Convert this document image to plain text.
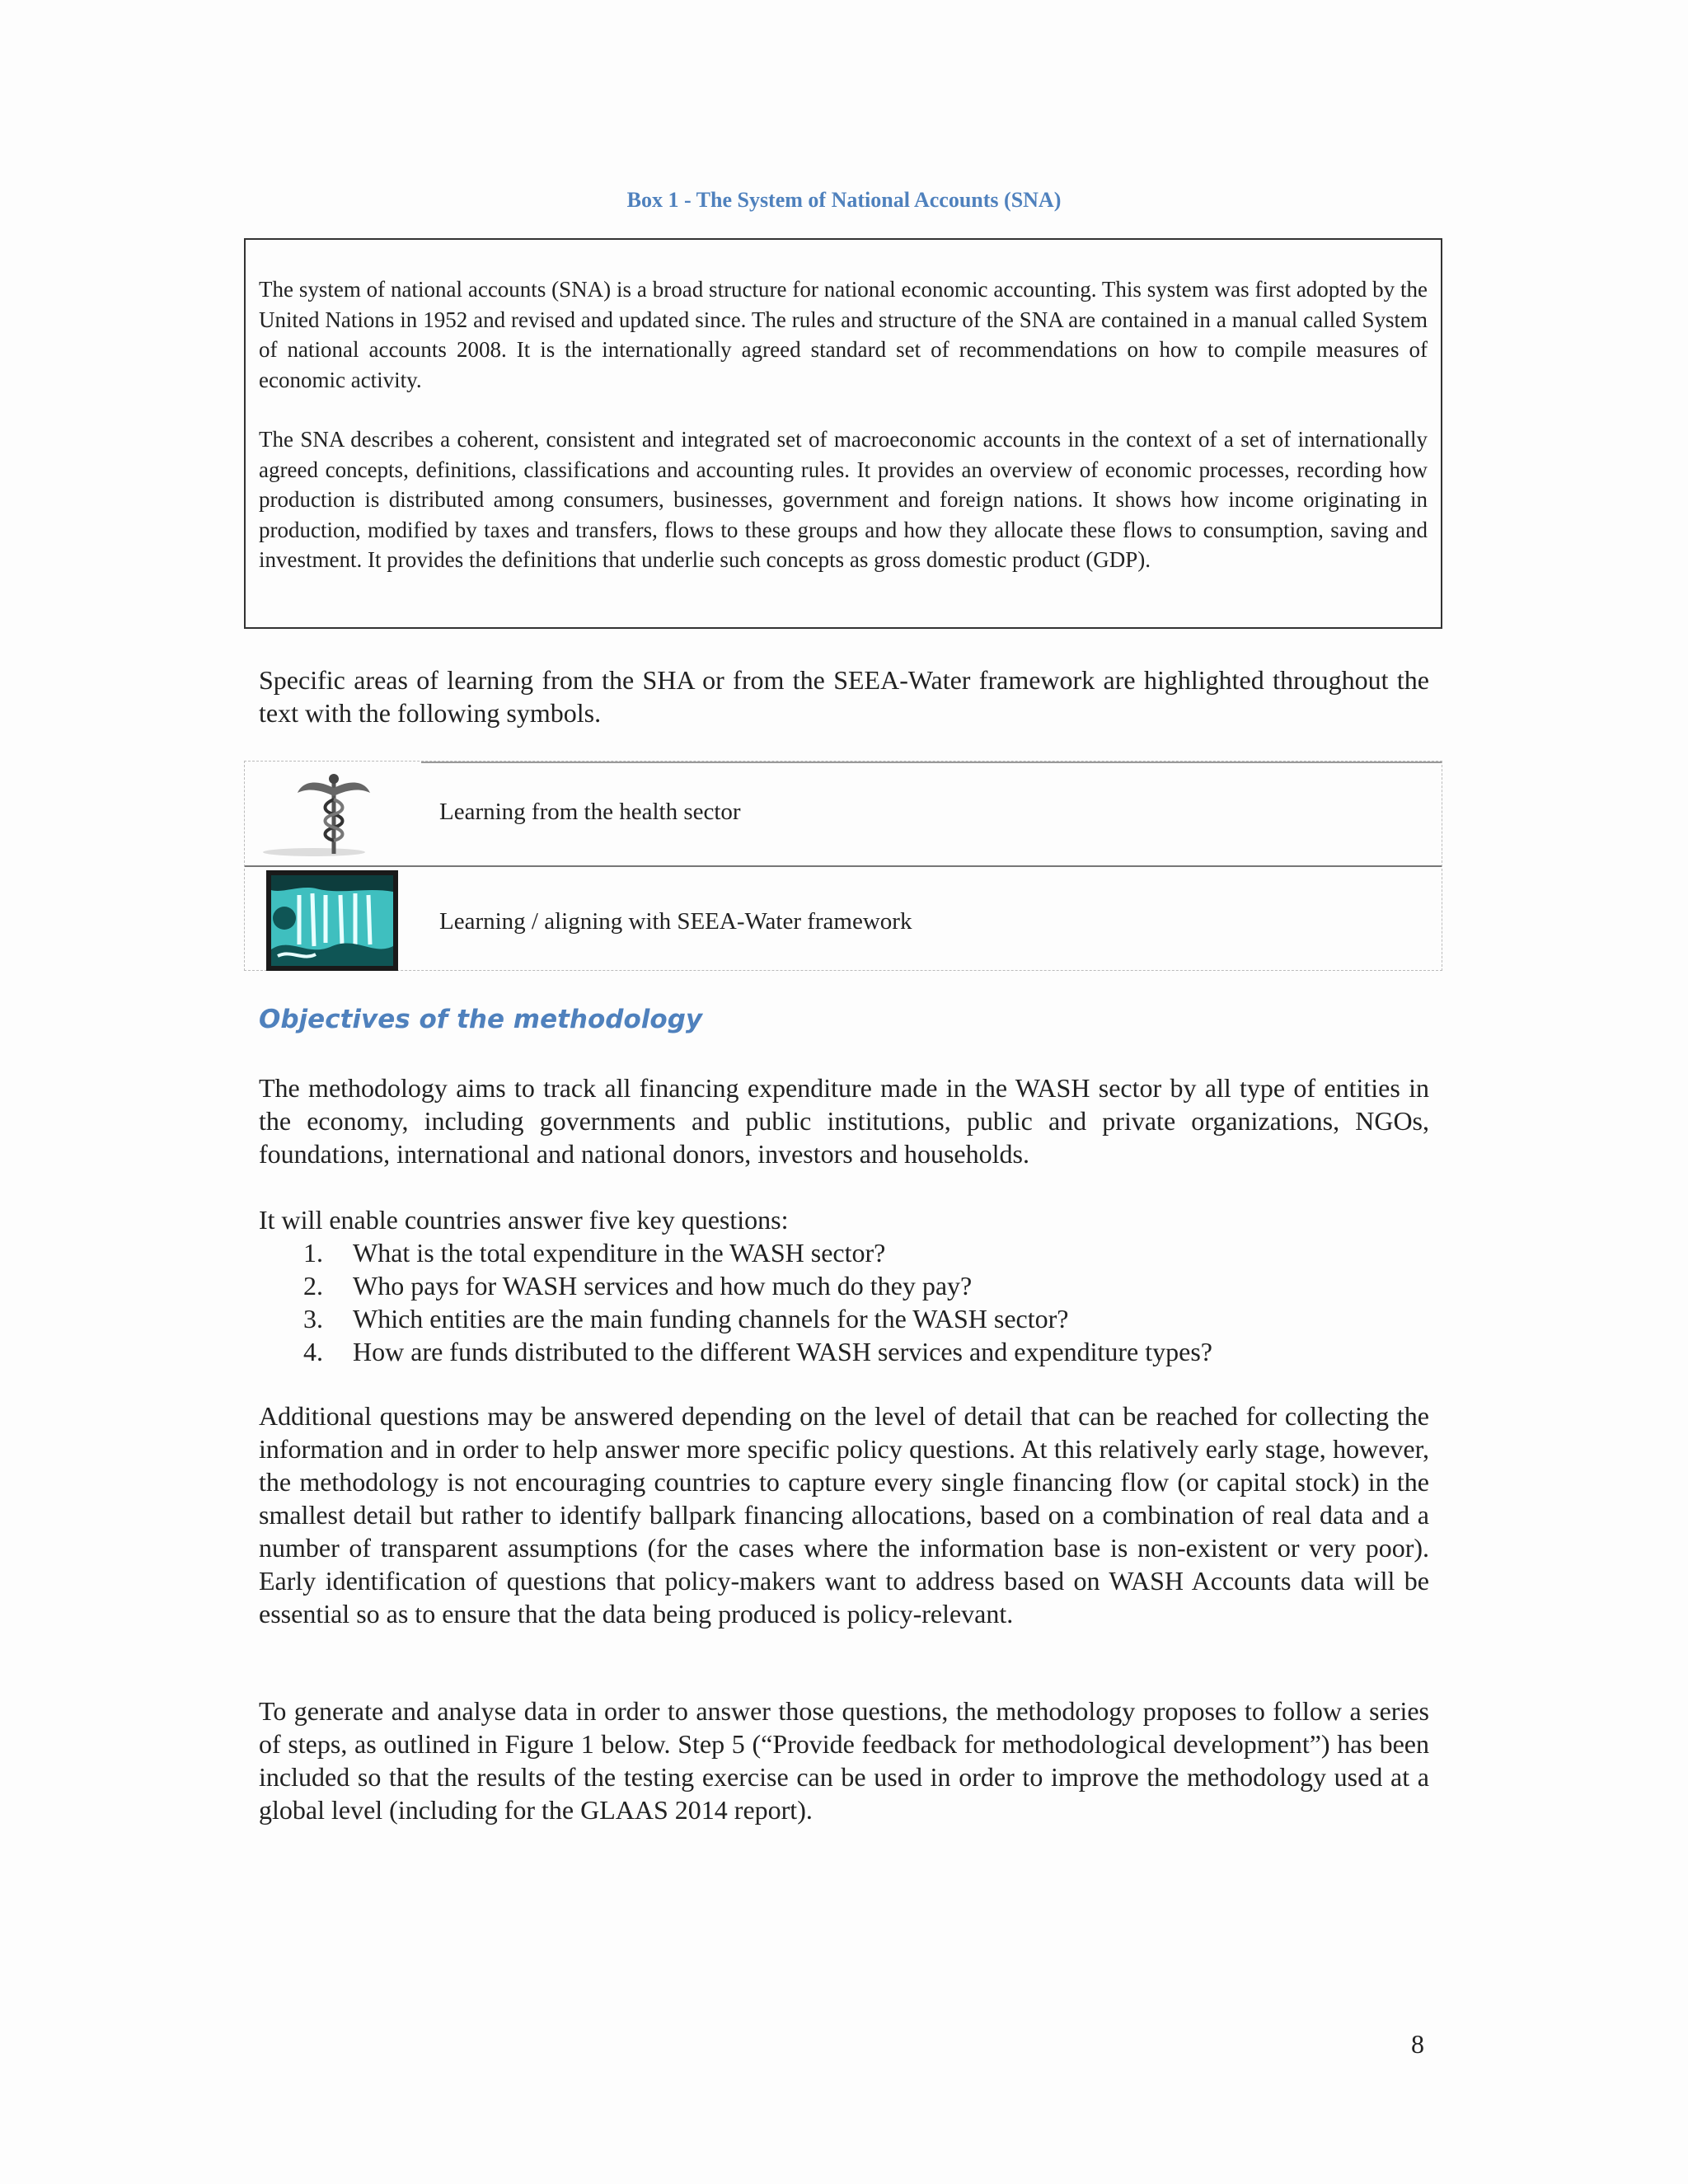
Box 1 - The System of National Accounts (SNA)

The system of national accounts (SNA) is a broad structure for national economic accounting. This system was first adopted by the United Nations in 1952 and revised and updated since. The rules and structure of the SNA are contained in a manual called System of national accounts 2008. It is the internationally agreed standard set of recommendations on how to compile measures of economic activity.

The SNA describes a coherent, consistent and integrated set of macroeconomic accounts in the context of a set of internationally agreed concepts, definitions, classifications and accounting rules. It provides an overview of economic processes, recording how production is distributed among consumers, businesses, government and foreign nations. It shows how income originating in production, modified by taxes and transfers, flows to these groups and how they allocate these flows to consumption, saving and investment. It provides the definitions that underlie such concepts as gross domestic product (GDP).

Specific areas of learning from the SHA or from the SEEA-Water framework are highlighted throughout the text with the following symbols.

Learning from the health sector
Learning / aligning with SEEA-Water framework
Objectives of the methodology

The methodology aims to track all financing expenditure made in the WASH sector by all type of entities in the economy, including governments and public institutions, public and private organizations, NGOs, foundations, international and national donors, investors and households.

It will enable countries answer five key questions:

1.	What is the total expenditure in the WASH sector?
2.	Who pays for WASH services and how much do they pay?
3.	Which entities are the main funding channels for the WASH sector?
4.	How are funds distributed to the different WASH services and expenditure types?

Additional questions may be answered depending on the level of detail that can be reached for collecting the information and in order to help answer more specific policy questions. At this relatively early stage, however, the methodology is not encouraging countries to capture every single financing flow (or capital stock) in the smallest detail but rather to identify ballpark financing allocations, based on a combination of real data and a number of transparent assumptions (for the cases where the information base is non-existent or very poor). Early identification of questions that policy-makers want to address based on WASH Accounts data will be essential so as to ensure that the data being produced is policy-relevant.

To generate and analyse data in order to answer those questions, the methodology proposes to follow a series of steps, as outlined in Figure 1 below. Step 5 (“Provide feedback for methodological development”) has been included so that the results of the testing exercise can be used in order to improve the methodology used at a global level (including for the GLAAS 2014 report).

8
